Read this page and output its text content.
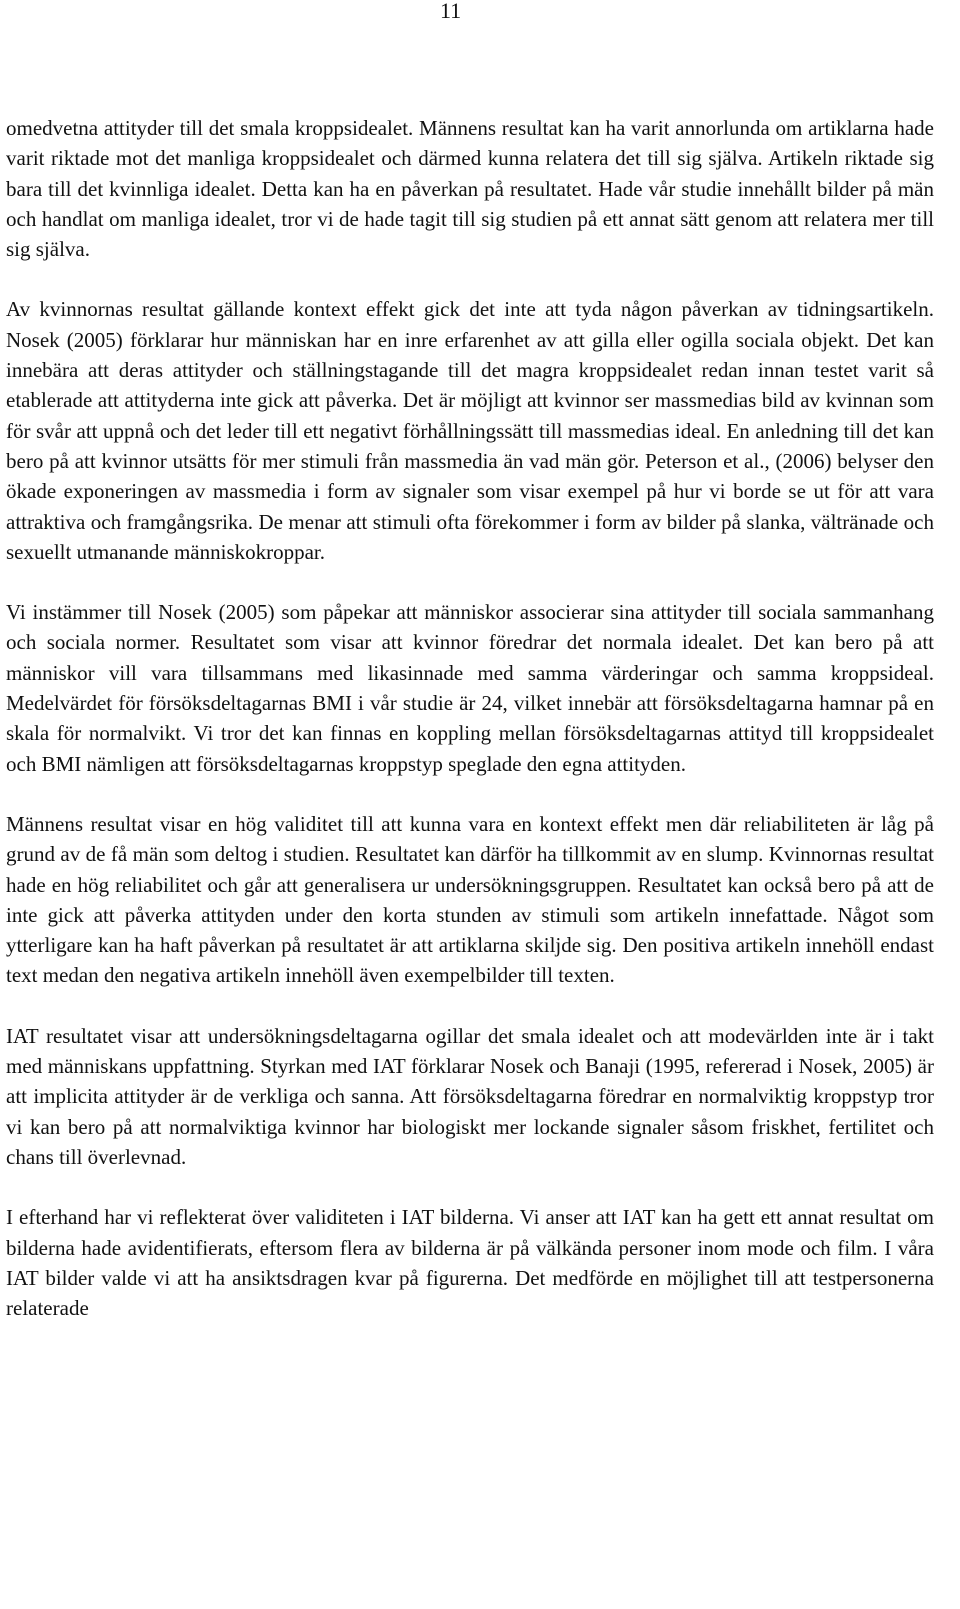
11

omedvetna attityder till det smala kroppsidealet. Männens resultat kan ha varit annorlunda om artiklarna hade varit riktade mot det manliga kroppsidealet och därmed kunna relatera det till sig själva. Artikeln riktade sig bara till det kvinnliga idealet. Detta kan ha en påverkan på resultatet. Hade vår studie innehållt bilder på män och handlat om manliga idealet, tror vi de hade tagit till sig studien på ett annat sätt genom att relatera mer till sig själva.

Av kvinnornas resultat gällande kontext effekt gick det inte att tyda någon påverkan av tidningsartikeln. Nosek (2005) förklarar hur människan har en inre erfarenhet av att gilla eller ogilla sociala objekt. Det kan innebära att deras attityder och ställningstagande till det magra kroppsidealet redan innan testet varit så etablerade att attityderna inte gick att påverka. Det är möjligt att kvinnor ser massmedias bild av kvinnan som för svår att uppnå och det leder till ett negativt förhållningssätt till massmedias ideal. En anledning till det kan bero på att kvinnor utsätts för mer stimuli från massmedia än vad män gör. Peterson et al., (2006) belyser den ökade exponeringen av massmedia i form av signaler som visar exempel på hur vi borde se ut för att vara attraktiva och framgångsrika. De menar att stimuli ofta förekommer i form av bilder på slanka, vältränade och sexuellt utmanande människokroppar.

Vi instämmer till Nosek (2005) som påpekar att människor associerar sina attityder till sociala sammanhang och sociala normer. Resultatet som visar att kvinnor föredrar det normala idealet. Det kan bero på att människor vill vara tillsammans med likasinnade med samma värderingar och samma kroppsideal. Medelvärdet för försöksdeltagarnas BMI i vår studie är 24, vilket innebär att försöksdeltagarna hamnar på en skala för normalvikt. Vi tror det kan finnas en koppling mellan försöksdeltagarnas attityd till kroppsidealet och BMI nämligen att försöksdeltagarnas kroppstyp speglade den egna attityden.

Männens resultat visar en hög validitet till att kunna vara en kontext effekt men där reliabiliteten är låg på grund av de få män som deltog i studien. Resultatet kan därför ha tillkommit av en slump. Kvinnornas resultat hade en hög reliabilitet och går att generalisera ur undersökningsgruppen. Resultatet kan också bero på att de inte gick att påverka attityden under den korta stunden av stimuli som artikeln innefattade. Något som ytterligare kan ha haft påverkan på resultatet är att artiklarna skiljde sig. Den positiva artikeln innehöll endast text medan den negativa artikeln innehöll även exempelbilder till texten.

IAT resultatet visar att undersökningsdeltagarna ogillar det smala idealet och att modevärlden inte är i takt med människans uppfattning. Styrkan med IAT förklarar Nosek och Banaji (1995, refererad i Nosek, 2005) är att implicita attityder är de verkliga och sanna. Att försöksdeltagarna föredrar en normalviktig kroppstyp tror vi kan bero på att normalviktiga kvinnor har biologiskt mer lockande signaler såsom friskhet, fertilitet och chans till överlevnad.

I efterhand har vi reflekterat över validiteten i IAT bilderna. Vi anser att IAT kan ha gett ett annat resultat om bilderna hade avidentifierats, eftersom flera av bilderna är på välkända personer inom mode och film. I våra IAT bilder valde vi att ha ansiktsdragen kvar på figurerna. Det medförde en möjlighet till att testpersonerna relaterade
